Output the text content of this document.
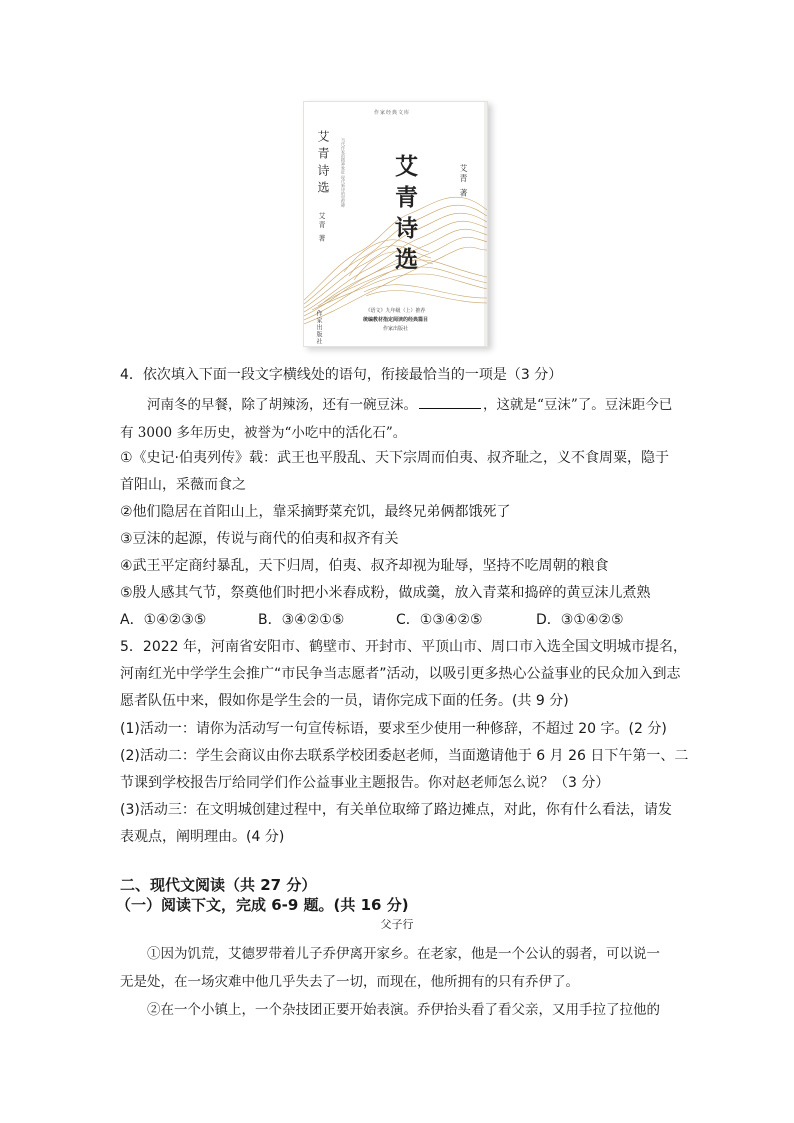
作家经典文库
艾青诗选	当代作家的精神象征 现代新诗的里程碑
艾青 著	艾青诗选	艾青 著
作家出版社	《语文》九年级（上）推荐
统编教材指定阅读的经典篇目
作家出版社
4．依次填入下面一段文字横线处的语句，衔接最恰当的一项是（3 分）
河南冬的早餐，除了胡辣汤，还有一碗豆沫。	，这就是“豆沫”了。豆沫距今已
有 3000 多年历史，被誉为“小吃中的活化石”。
①《史记·伯夷列传》载：武王也平殷乱、天下宗周而伯夷、叔齐耻之，义不食周粟，隐于
首阳山，采薇而食之
②他们隐居在首阳山上，靠采摘野菜充饥，最终兄弟俩都饿死了
③豆沫的起源，传说与商代的伯夷和叔齐有关
④武王平定商纣暴乱，天下归周，伯夷、叔齐却视为耻辱，坚持不吃周朝的粮食
⑤殷人感其气节，祭奠他们时把小米舂成粉，做成羹，放入青菜和捣碎的黄豆沫儿煮熟
A．①④②③⑤	B．③④②①⑤	C．①③④②⑤	D．③①④②⑤
5．2022 年，河南省安阳市、鹤壁市、开封市、平顶山市、周口市入选全国文明城市提名，
河南红光中学学生会推广“市民争当志愿者”活动，以吸引更多热心公益事业的民众加入到志
愿者队伍中来，假如你是学生会的一员，请你完成下面的任务。(共 9 分)
(1)活动一：请你为活动写一句宣传标语，要求至少使用一种修辞，不超过 20 字。(2 分)
(2)活动二：学生会商议由你去联系学校团委赵老师，当面邀请他于 6 月 26 日下午第一、二
节课到学校报告厅给同学们作公益事业主题报告。你对赵老师怎么说？（3 分）
(3)活动三：在文明城创建过程中，有关单位取缔了路边摊点，对此，你有什么看法，请发
表观点，阐明理由。(4 分)
二、现代文阅读（共 27 分）
（一）阅读下文，完成 6-9 题。(共 16 分)
父子行
①因为饥荒，艾德罗带着儿子乔伊离开家乡。在老家，他是一个公认的弱者，可以说一
无是处，在一场灾难中他几乎失去了一切，而现在，他所拥有的只有乔伊了。
②在一个小镇上，一个杂技团正要开始表演。乔伊抬头看了看父亲，又用手拉了拉他的
